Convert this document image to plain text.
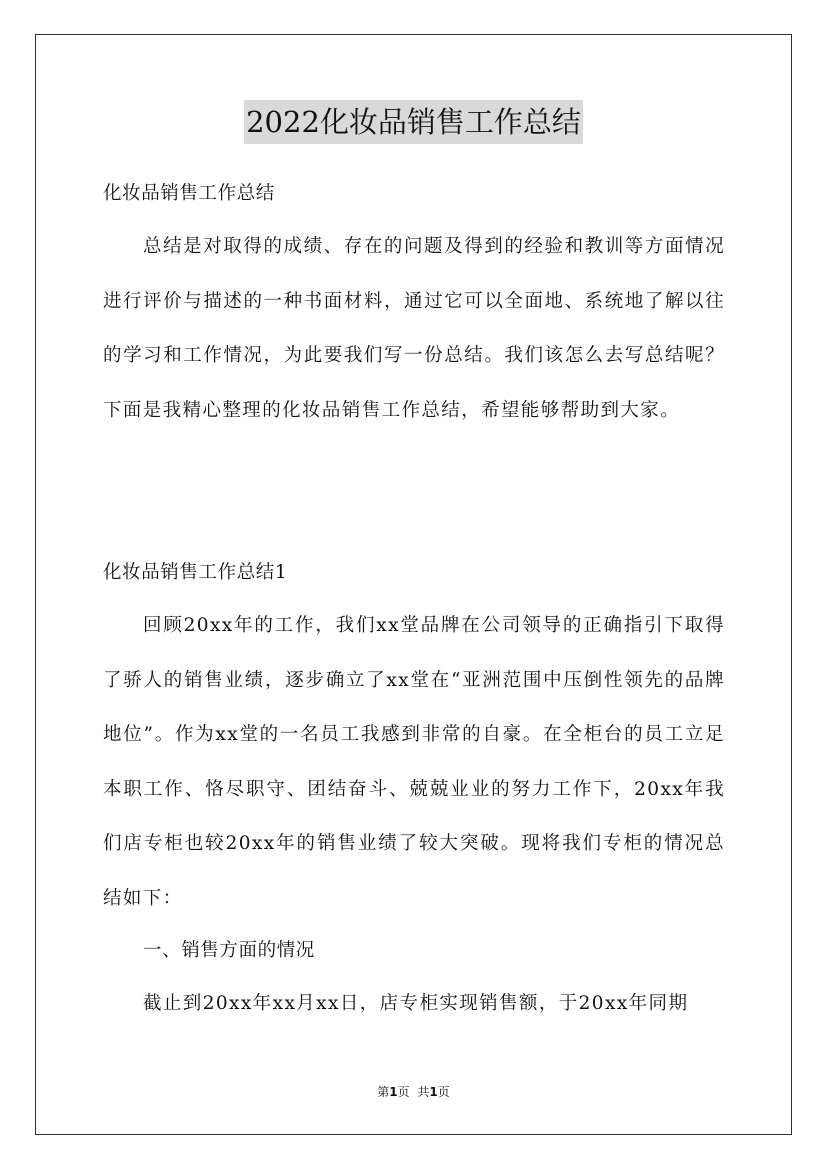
2022化妆品销售工作总结

化妆品销售工作总结

总结是对取得的成绩、存在的问题及得到的经验和教训等方面情况进行评价与描述的一种书面材料，通过它可以全面地、系统地了解以往的学习和工作情况，为此要我们写一份总结。我们该怎么去写总结呢？下面是我精心整理的化妆品销售工作总结，希望能够帮助到大家。

化妆品销售工作总结1

回顾20xx年的工作，我们xx堂品牌在公司领导的正确指引下取得了骄人的销售业绩，逐步确立了xx堂在“亚洲范围中压倒性领先的品牌地位”。作为xx堂的一名员工我感到非常的自豪。在全柜台的员工立足本职工作、恪尽职守、团结奋斗、兢兢业业的努力工作下，20xx年我们店专柜也较20xx年的销售业绩了较大突破。现将我们专柜的情况总结如下：

一、销售方面的情况

截止到20xx年xx月xx日，店专柜实现销售额，于20xx年同期

第1页 共1页
